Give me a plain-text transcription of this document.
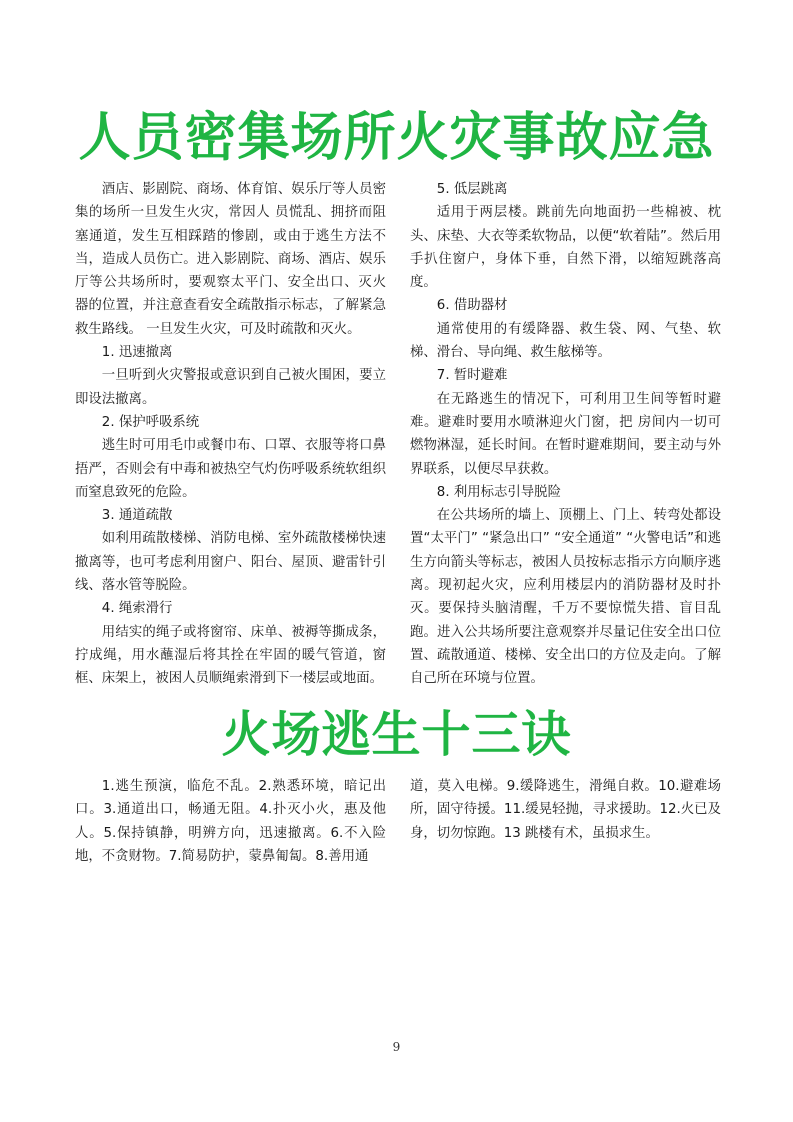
人员密集场所火灾事故应急

酒店、影剧院、商场、体育馆、娱乐厅等人员密集的场所一旦发生火灾，常因人 员慌乱、拥挤而阻塞通道，发生互相踩踏的惨剧，或由于逃生方法不当，造成人员伤亡。进入影剧院、商场、酒店、娱乐厅等公共场所时，要观察太平门、安全出口、灭火 器的位置，并注意查看安全疏散指示标志，了解紧急救生路线。 一旦发生火灾，可及时疏散和灭火。

1. 迅速撤离

一旦听到火灾警报或意识到自己被火围困，要立即设法撤离。

2. 保护呼吸系统

逃生时可用毛巾或餐巾布、口罩、衣服等将口鼻捂严，否则会有中毒和被热空气灼伤呼吸系统软组织而窒息致死的危险。

3. 通道疏散

如利用疏散楼梯、消防电梯、室外疏散楼梯快速撤离等，也可考虑利用窗户、阳台、屋顶、避雷针引线、落水管等脱险。

4. 绳索滑行

用结实的绳子或将窗帘、床单、被褥等撕成条，拧成绳，用水蘸湿后将其拴在牢固的暖气管道，窗框、床架上，被困人员顺绳索滑到下一楼层或地面。

5. 低层跳离

适用于两层楼。跳前先向地面扔一些棉被、枕头、床垫、大衣等柔软物品，以便“软着陆”。然后用手扒住窗户，身体下垂，自然下滑，以缩短跳落高度。

6. 借助器材

通常使用的有缓降器、救生袋、网、气垫、软梯、滑台、导向绳、救生舷梯等。

7. 暂时避难

在无路逃生的情况下，可利用卫生间等暂时避难。避难时要用水喷淋迎火门窗，把 房间内一切可燃物淋湿，延长时间。在暂时避难期间，要主动与外界联系，以便尽早获救。

8. 利用标志引导脱险

在公共场所的墙上、顶棚上、门上、转弯处都设置“太平门” “紧急出口” “安全通道” “火警电话”和逃生方向箭头等标志，被困人员按标志指示方向顺序逃离。现初起火灾，应利用楼层内的消防器材及时扑灭。要保持头脑清醒，千万不要惊慌失措、盲目乱跑。进入公共场所要注意观察并尽量记住安全出口位置、疏散通道、楼梯、安全出口的方位及走向。了解自己所在环境与位置。

火场逃生十三诀

1.逃生预演，临危不乱。2.熟悉环境，暗记出口。3.通道出口，畅通无阻。4.扑灭小火，惠及他人。5.保持镇静，明辨方向，迅速撤离。6.不入险地，不贪财物。7.简易防护，蒙鼻匍匐。8.善用通

道，莫入电梯。9.缓降逃生，滑绳自救。10.避难场所，固守待援。11.缓晃轻抛，寻求援助。12.火已及身，切勿惊跑。13 跳楼有术，虽损求生。

9
